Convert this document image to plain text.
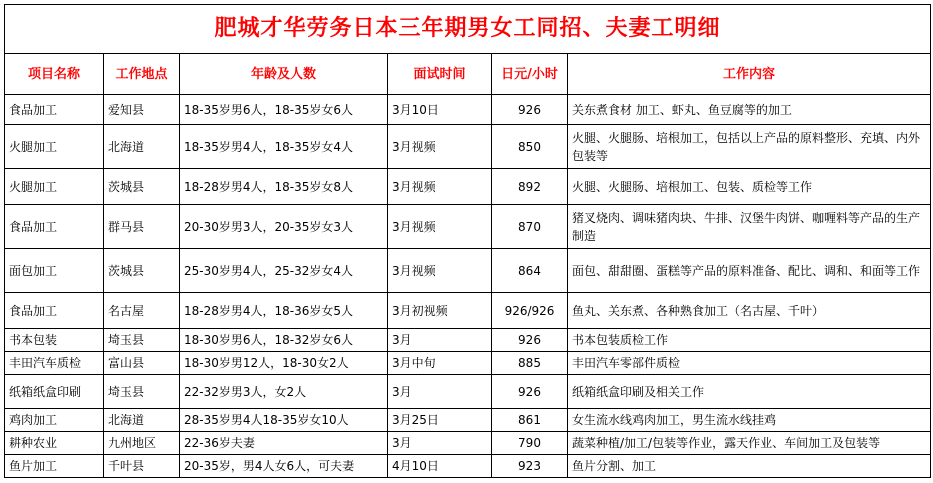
肥城才华劳务日本三年期男女工同招、夫妻工明细					
项目名称	工作地点	年龄及人数	面试时间	日元/小时	工作内容
食品加工	爱知县	18-35岁男6人，18-35岁女6人	3月10日	926	关东煮食材 加工、虾丸、鱼豆腐等的加工
火腿加工	北海道	18-35岁男4人，18-35岁女4人	3月视频	850	火腿、火腿肠、培根加工，包括以上产品的原料整形、充填、内外包装等
火腿加工	茨城县	18-28岁男4人，18-35岁女8人	3月视频	892	火腿、火腿肠、培根加工、包装、质检等工作
食品加工	群马县	20-30岁男3人，20-35岁女3人	3月视频	870	猪叉烧肉、调味猪肉块、牛排、汉堡牛肉饼、咖喱料等产品的生产制造
面包加工	茨城县	25-30岁男4人，25-32岁女4人	3月视频	864	面包、甜甜圈、蛋糕等产品的原料准备、配比、调和、和面等工作
食品加工	名古屋	18-28岁男4人，18-36岁女5人	3月初视频	926/926	鱼丸、关东煮、各种熟食加工（名古屋、千叶）
书本包装	埼玉县	18-30岁男6人，18-32岁女6人	3月	926	书本包装质检工作
丰田汽车质检	富山县	18-30岁男12人，18-30女2人	3月中旬	885	丰田汽车零部件质检
纸箱纸盒印刷	埼玉县	22-32岁男3人，女2人	3月	926	纸箱纸盒印刷及相关工作
鸡肉加工	北海道	28-35岁男4人18-35岁女10人	3月25日	861	女生流水线鸡肉加工，男生流水线挂鸡
耕种农业	九州地区	22-36岁夫妻	3月	790	蔬菜种植/加工/包装等作业，露天作业、车间加工及包装等
鱼片加工	千叶县	20-35岁，男4人女6人，可夫妻	4月10日	923	鱼片分割、加工
